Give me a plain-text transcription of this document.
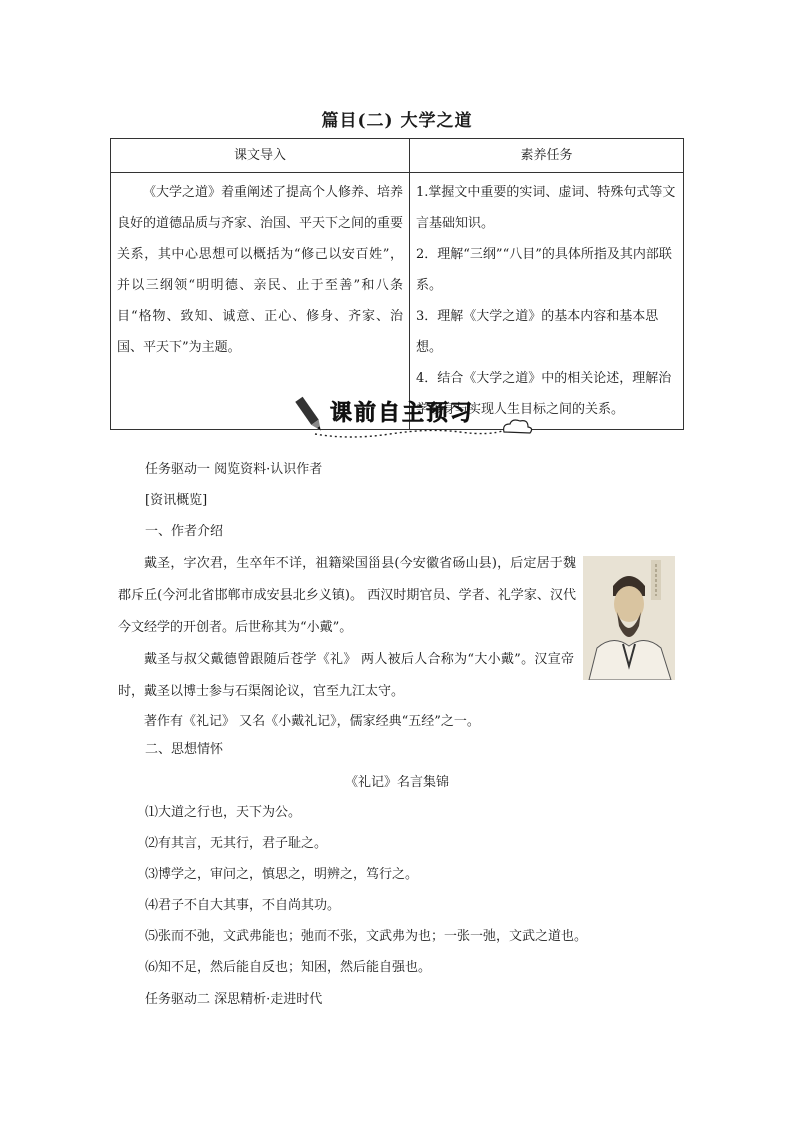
篇目(二) 大学之道
课文导入	素养任务
《大学之道》着重阐述了提高个人修养、培养良好的道德品质与齐家、治国、平天下之间的重要关系，其中心思想可以概括为“修己以安百姓”，并以三纲领“明明德、亲民、止于至善”和八条目“格物、致知、诚意、正心、修身、齐家、治国、平天下”为主题。	1.掌握文中重要的实词、虚词、特殊句式等文言基础知识。
2．理解“三纲”“八目”的具体所指及其内部联系。
3．理解《大学之道》的基本内容和基本思想。
4．结合《大学之道》中的相关论述，理解治学修身与实现人生目标之间的关系。
课前自主预习
任务驱动一 阅览资料·认识作者
[资讯概览]
一、作者介绍
戴圣，字次君，生卒年不详，祖籍梁国甾县(今安徽省砀山县)，后定居于魏郡斥丘(今河北省邯郸市成安县北乡义镇)。 西汉时期官员、学者、礼学家、汉代今文经学的开创者。后世称其为“小戴”。
戴圣与叔父戴德曾跟随后苍学《礼》 两人被后人合称为“大小戴”。汉宣帝时，戴圣以博士参与石渠阁论议，官至九江太守。
著作有《礼记》 又名《小戴礼记》，儒家经典“五经”之一。
二、思想情怀
《礼记》名言集锦
⑴大道之行也，天下为公。
⑵有其言，无其行，君子耻之。
⑶博学之，审问之，慎思之，明辨之，笃行之。
⑷君子不自大其事，不自尚其功。
⑸张而不弛，文武弗能也；弛而不张，文武弗为也；一张一弛，文武之道也。
⑹知不足，然后能自反也；知困，然后能自强也。
任务驱动二 深思精析·走进时代
